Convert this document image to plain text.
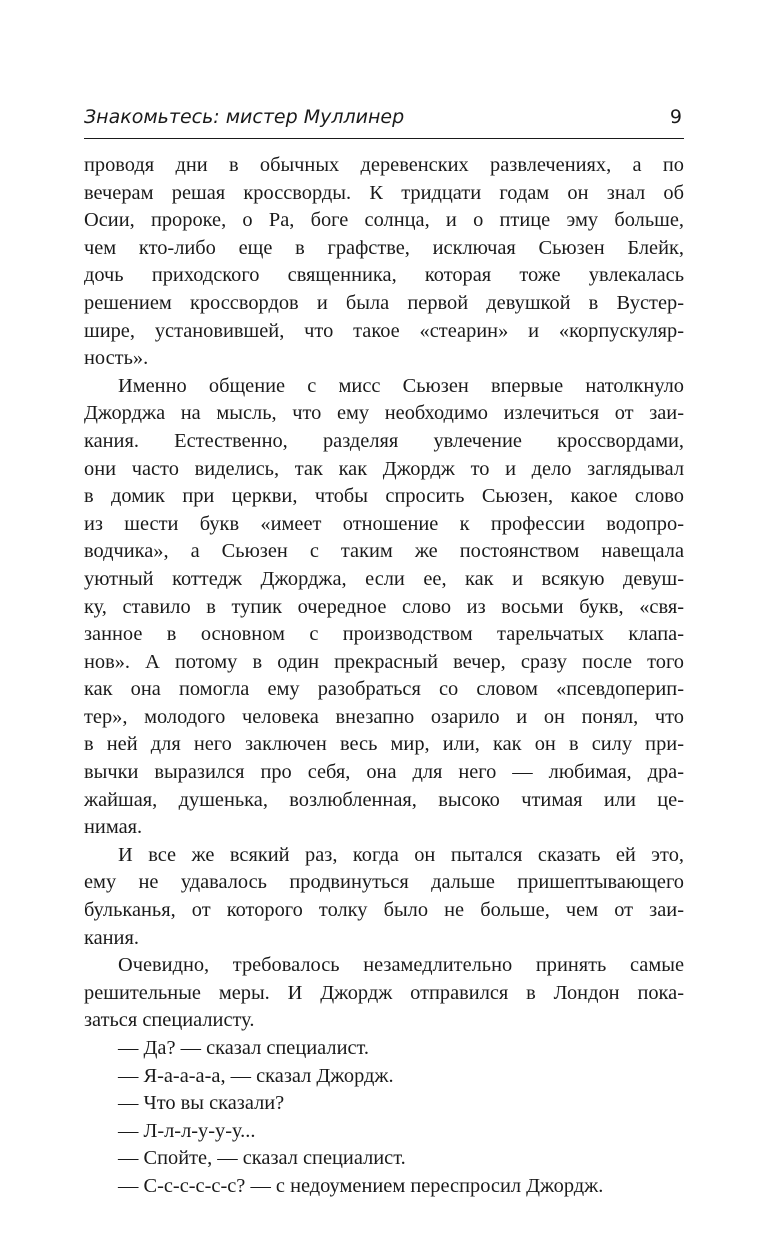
Знакомьтесь: мистер Муллинер	9
проводя дни в обычных деревенских развлечениях, а по
вечерам решая кроссворды. К тридцати годам он знал об
Осии, пророке, о Ра, боге солнца, и о птице эму больше,
чем кто-либо еще в графстве, исключая Сьюзен Блейк,
дочь приходского священника, которая тоже увлекалась
решением кроссвордов и была первой девушкой в Вустер-
шире, установившей, что такое «стеарин» и «корпускуляр-
ность».
Именно общение с мисс Сьюзен впервые натолкнуло
Джорджа на мысль, что ему необходимо излечиться от заи-
кания. Естественно, разделяя увлечение кроссвордами,
они часто виделись, так как Джордж то и дело заглядывал
в домик при церкви, чтобы спросить Сьюзен, какое слово
из шести букв «имеет отношение к профессии водопро-
водчика», а Сьюзен с таким же постоянством навещала
уютный коттедж Джорджа, если ее, как и всякую девуш-
ку, ставило в тупик очередное слово из восьми букв, «свя-
занное в основном с производством тарельчатых клапа-
нов». А потому в один прекрасный вечер, сразу после того
как она помогла ему разобраться со словом «псевдоперип-
тер», молодого человека внезапно озарило и он понял, что
в ней для него заключен весь мир, или, как он в силу при-
вычки выразился про себя, она для него — любимая, дра-
жайшая, душенька, возлюбленная, высоко чтимая или це-
нимая.
И все же всякий раз, когда он пытался сказать ей это,
ему не удавалось продвинуться дальше пришептывающего
бульканья, от которого толку было не больше, чем от заи-
кания.
Очевидно, требовалось незамедлительно принять самые
решительные меры. И Джордж отправился в Лондон пока-
заться специалисту.
— Да? — сказал специалист.
— Я-а-а-а-а, — сказал Джордж.
— Что вы сказали?
— Л-л-л-у-у-у...
— Спойте, — сказал специалист.
— С-с-с-с-с-с? — с недоумением переспросил Джордж.
